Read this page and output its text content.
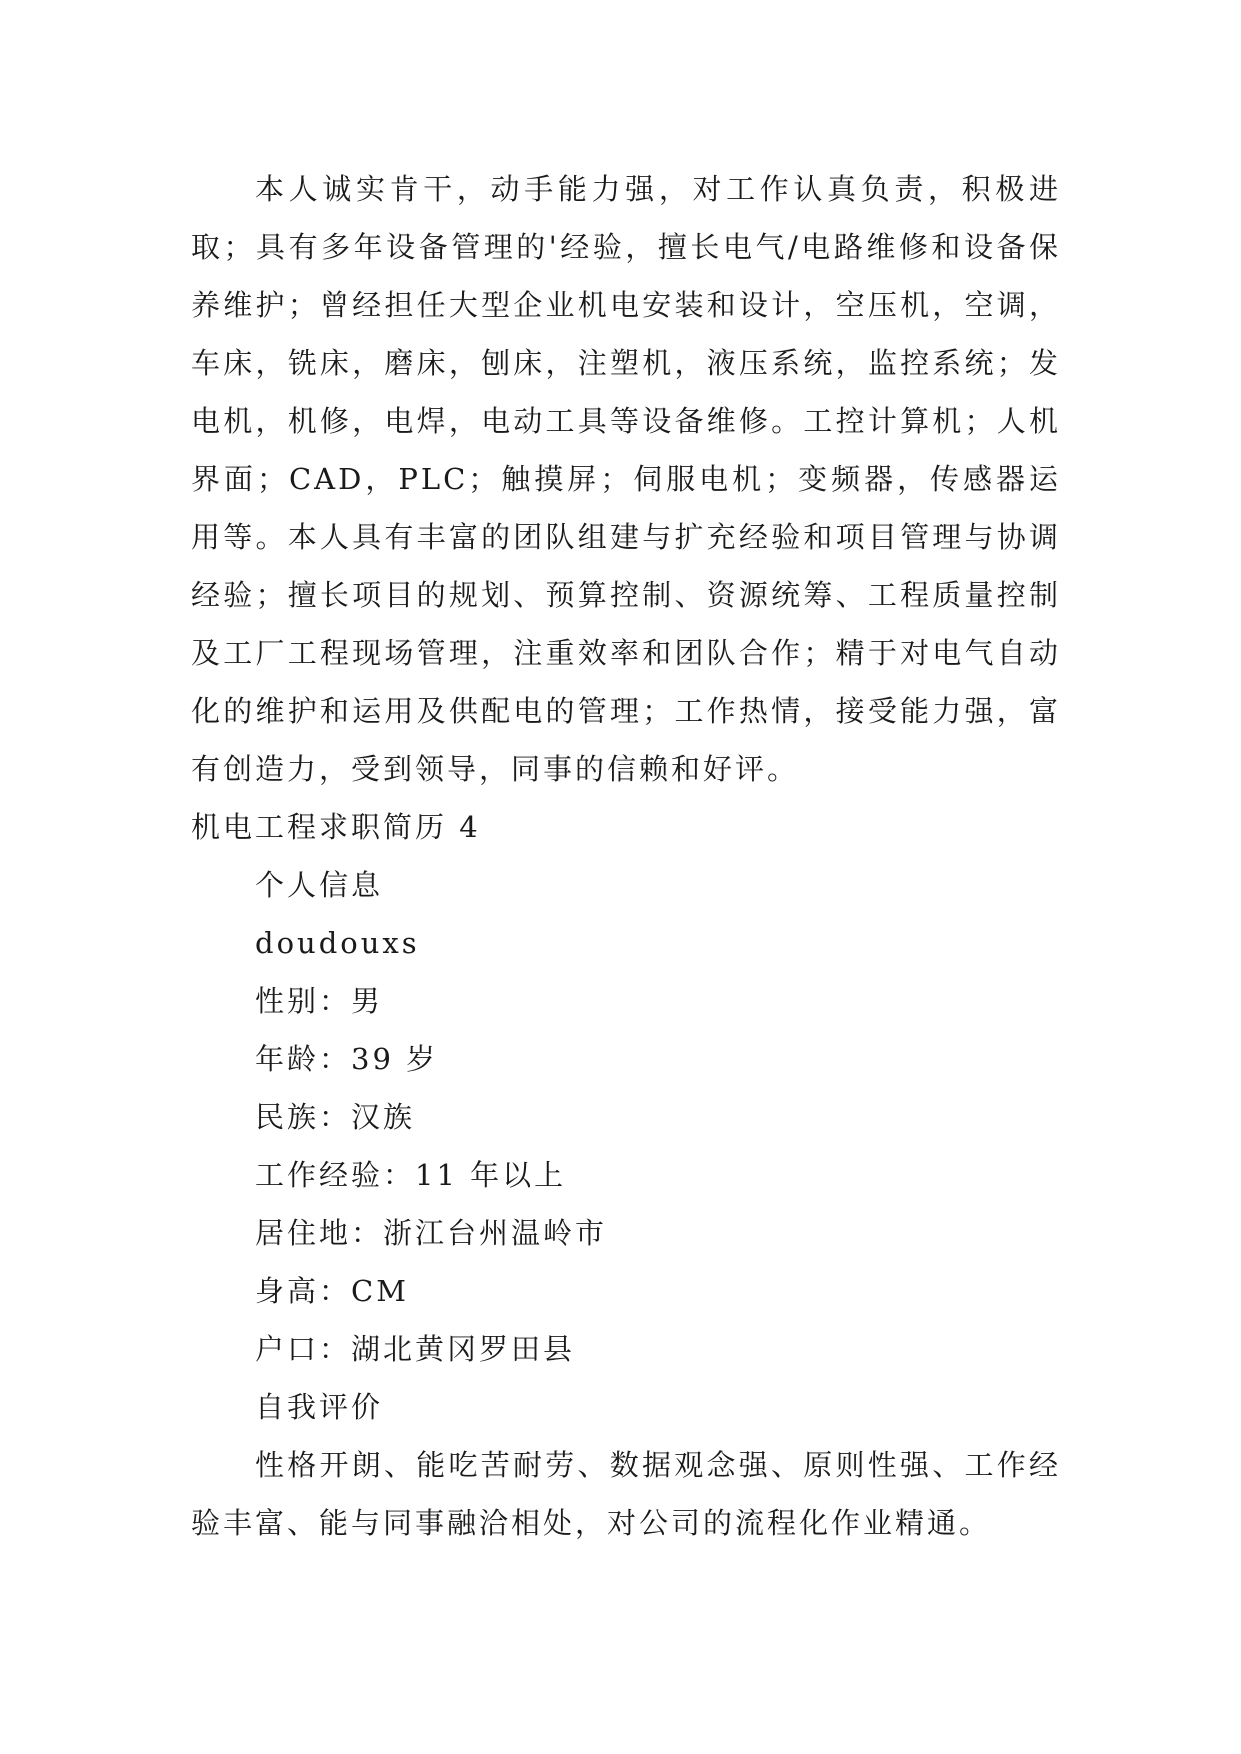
本人诚实肯干，动手能力强，对工作认真负责，积极进取；具有多年设备管理的'经验，擅长电气/电路维修和设备保养维护；曾经担任大型企业机电安装和设计，空压机，空调，车床，铣床，磨床，刨床，注塑机，液压系统，监控系统；发电机，机修，电焊，电动工具等设备维修。工控计算机；人机界面；CAD，PLC；触摸屏；伺服电机；变频器，传感器运用等。本人具有丰富的团队组建与扩充经验和项目管理与协调经验；擅长项目的规划、预算控制、资源统筹、工程质量控制及工厂工程现场管理，注重效率和团队合作；精于对电气自动化的维护和运用及供配电的管理；工作热情，接受能力强，富有创造力，受到领导，同事的信赖和好评。

机电工程求职简历 4

个人信息

doudouxs

性别：男

年龄：39 岁

民族：汉族

工作经验：11 年以上

居住地：浙江台州温岭市

身高：CM

户口：湖北黄冈罗田县

自我评价

性格开朗、能吃苦耐劳、数据观念强、原则性强、工作经验丰富、能与同事融洽相处，对公司的流程化作业精通。
